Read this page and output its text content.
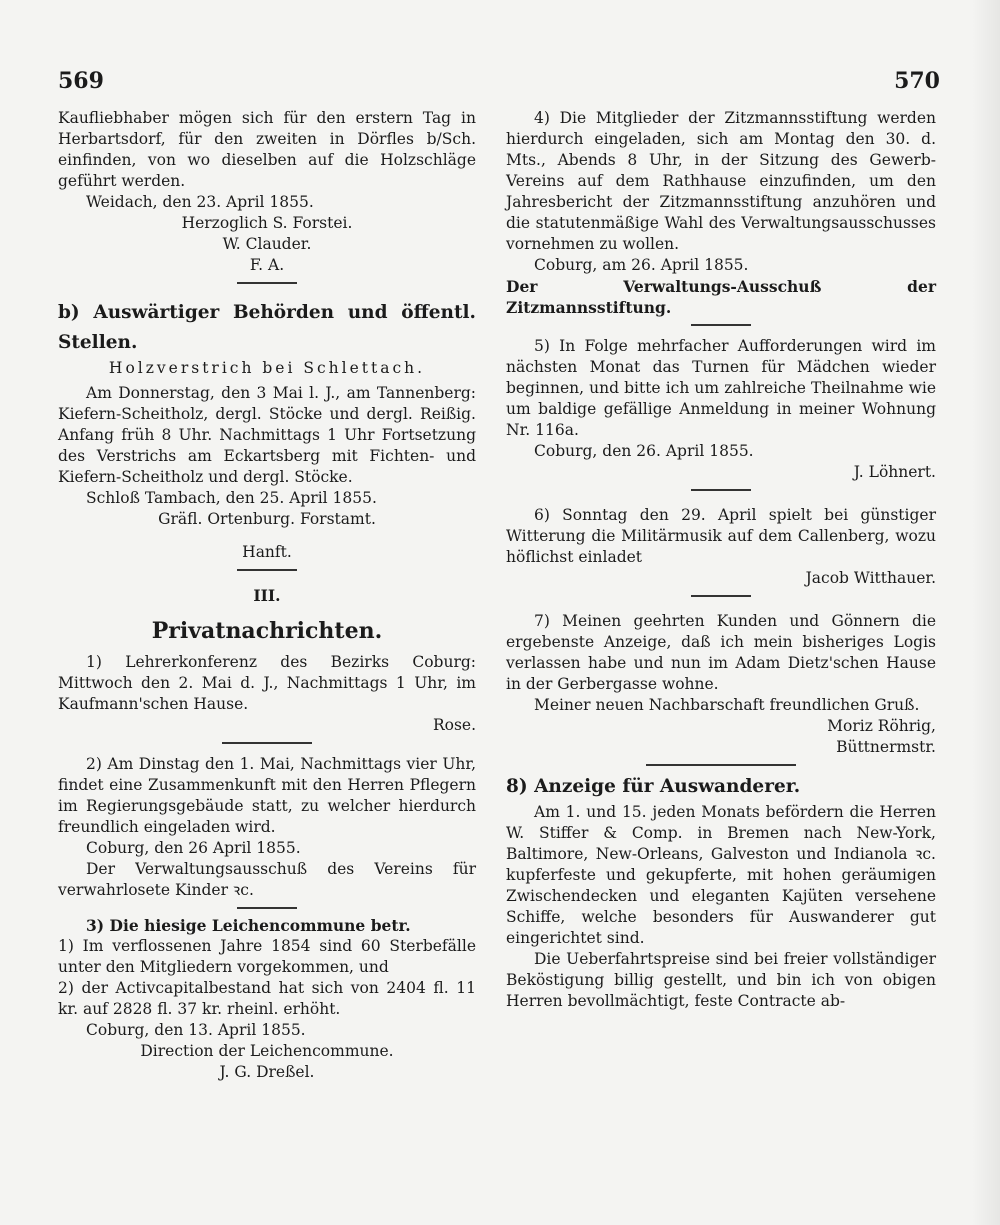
569	570

Kaufliebhaber mögen sich für den erstern Tag in Herbartsdorf, für den zweiten in Dörfles b/Sch. einfinden, von wo dieselben auf die Holzschläge geführt werden.

Weidach, den 23. April 1855.

Herzoglich S. Forstei.

W. Clauder.

F. A.

b) Auswärtiger Behörden und öffentl. Stellen.

Holzverstrich bei Schlettach.

Am Donnerstag, den 3 Mai l. J., am Tannenberg: Kiefern-Scheitholz, dergl. Stöcke und dergl. Reißig. Anfang früh 8 Uhr. Nachmittags 1 Uhr Fortsetzung des Verstrichs am Eckartsberg mit Fichten- und Kiefern-Scheitholz und dergl. Stöcke.

Schloß Tambach, den 25. April 1855.

Gräfl. Ortenburg. Forstamt.

Hanft.

III.

Privatnachrichten.

1) Lehrerkonferenz des Bezirks Coburg: Mittwoch den 2. Mai d. J., Nachmittags 1 Uhr, im Kaufmann'schen Hause.

Rose.

2) Am Dinstag den 1. Mai, Nachmittags vier Uhr, findet eine Zusammenkunft mit den Herren Pflegern im Regierungsgebäude statt, zu welcher hierdurch freundlich eingeladen wird.

Coburg, den 26 April 1855.

Der Verwaltungsausschuß des Vereins für verwahrlosete Kinder ꝛc.

3) Die hiesige Leichencommune betr.

1) Im verflossenen Jahre 1854 sind 60 Sterbefälle unter den Mitgliedern vorgekommen, und

2) der Activcapitalbestand hat sich von 2404 fl. 11 kr. auf 2828 fl. 37 kr. rheinl. erhöht.

Coburg, den 13. April 1855.

Direction der Leichencommune.

J. G. Dreßel.

4) Die Mitglieder der Zitzmannsstiftung werden hierdurch eingeladen, sich am Montag den 30. d. Mts., Abends 8 Uhr, in der Sitzung des Gewerb-Vereins auf dem Rathhause einzufinden, um den Jahresbericht der Zitzmannsstiftung anzuhören und die statutenmäßige Wahl des Verwaltungsausschusses vornehmen zu wollen.

Coburg, am 26. April 1855.

Der Verwaltungs-Ausschuß der Zitzmannsstiftung.

5) In Folge mehrfacher Aufforderungen wird im nächsten Monat das Turnen für Mädchen wieder beginnen, und bitte ich um zahlreiche Theilnahme wie um baldige gefällige Anmeldung in meiner Wohnung Nr. 116a.

Coburg, den 26. April 1855.

J. Löhnert.

6) Sonntag den 29. April spielt bei günstiger Witterung die Militärmusik auf dem Callenberg, wozu höflichst einladet

Jacob Witthauer.

7) Meinen geehrten Kunden und Gönnern die ergebenste Anzeige, daß ich mein bisheriges Logis verlassen habe und nun im Adam Dietz'schen Hause in der Gerbergasse wohne.

Meiner neuen Nachbarschaft freundlichen Gruß.

Moriz Röhrig,

Büttnermstr.

8) Anzeige für Auswanderer.

Am 1. und 15. jeden Monats befördern die Herren W. Stiffer & Comp. in Bremen nach New-York, Baltimore, New-Orleans, Galveston und Indianola ꝛc. kupferfeste und gekupferte, mit hohen geräumigen Zwischendecken und eleganten Kajüten versehene Schiffe, welche besonders für Auswanderer gut eingerichtet sind.

Die Ueberfahrtspreise sind bei freier vollständiger Beköstigung billig gestellt, und bin ich von obigen Herren bevollmächtigt, feste Contracte ab-
